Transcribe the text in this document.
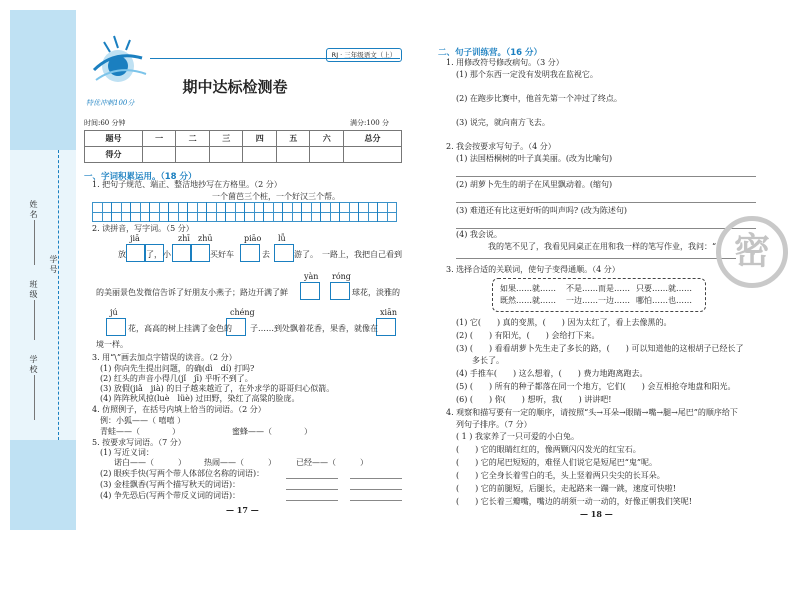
姓名
班级
学号
学校
RJ · 三年级语文（上）
期中达标检测卷
特优冲刺100分
时间:60 分钟	满分:100 分
题号	一	二	三	四	五	六	总分
得分							
一、字词积累运用。（18 分）
1. 把句子规范、端正、整洁地抄写在方格里。（2 分）
一个菌芭三个桩，一个好汉三个帮。
2. 读拼音，写字词。（5 分）
jiā	zhī zhū	piāo lǚ
放	了， 小	买好车	去	游了。 一路上，我把自己看到
yàn róng
的美丽景色发微信告诉了好朋友小燕子；路边开满了鲜	球花，淡雅的
jú	chéng	xiān
花，高高的树上挂满了金色的 子……到处飘着花香，果香，就像在
境一样。
3. 用“\”画去加点字错误的读音。（2 分）
(1) 你向先生提出问题，的确(dì　dí) 打吗?
(2) 红头的声音小得几(jǐ　jī) 乎听不到了。
(3) 放假(jiǎ　jià) 的日子越来越近了，在外求学的哥哥归心似箭。
(4) 阵阵秋风掠(luè　lüè) 过田野，染红了高粱的脸庞。
4. 仿照例子，在括号内填上恰当的词语。（2 分）
例：小狐——（ 嘻嘻 ）
青蛙——（　　　　）	蜜蜂——（　　　　）
5. 按要求写词语。（7 分）
(1) 写近义词：
诺白——（　　　） 热闹——（　　　）	已经——（　　　）
(2) 眼疾手快(写两个带人体部位名称的词语)：
(3) 金桂飘香(写两个描写秋天的词语)：
(4) 争先恐后(写两个带反义词的词语)：
— 17 —
二、句子训练营。（16 分）
1. 用修改符号修改病句。（3 分）
(1) 那个东西一定没有发明我在监视它。
(2) 在跑步比赛中，他首先第一个冲过了终点。
(3) 说完，就向南方飞去。
2. 我会按要求写句子。（4 分）
(1) 法国梧桐树的叶子真美丽。(改为比喻句)
(2) 胡萝卜先生的胡子在风里飘动着。(缩句)
(3) 难道还有比这更好听的叫声吗? (改为陈述句)
(4) 我会说。
我的笔不见了，我看见同桌正在用和我一样的笔写作业，我问：“
3. 选择合适的关联词，使句子变得通顺。（4 分）
如果……就…… 不是……而是…… 只要……就……
既然……就…… 一边……一边…… 哪怕……也……
(1) 它(　　) 真的变黑，(　　) 因为太红了，看上去像黑的。
(2) (　　) 有阳光，(　　) 会给打下来。
(3) (　　) 看看胡萝卜先生走了多长的路，(　　) 可以知道他的这根胡子已经长了
多长了。
(4) 手推车(　　) 这么想着，(　　) 费力地跑离跑去。
(5) (　　) 所有的种子都落在同一个地方，它们(　　) 会互相抢夺地盘和阳光。
(6) (　　) 你(　　) 想听，我(　　) 讲讲吧!
4. 观察和描写要有一定的顺序，请按照“头→耳朵→眼睛→嘴→腿→尾巴”的顺序给下
列句子排序。（7 分）
( 1 ) 我家养了一只可爱的小白兔。
(　　) 它的眼睛红红的，像两颗闪闪发光的红宝石。
(　　) 它的尾巴短短的，难怪人们说它是短尾巴“鬼”呢。
(　　) 它全身长着雪白的毛，头上竖着两只尖尖的长耳朵。
(　　) 它的前腿短，后腿长，走起路来一蹦一跳，速度可快啦!
(　　) 它长着三瓣嘴，嘴边的胡须一动一动的，好像正朝我们笑呢!
— 18 —
密
